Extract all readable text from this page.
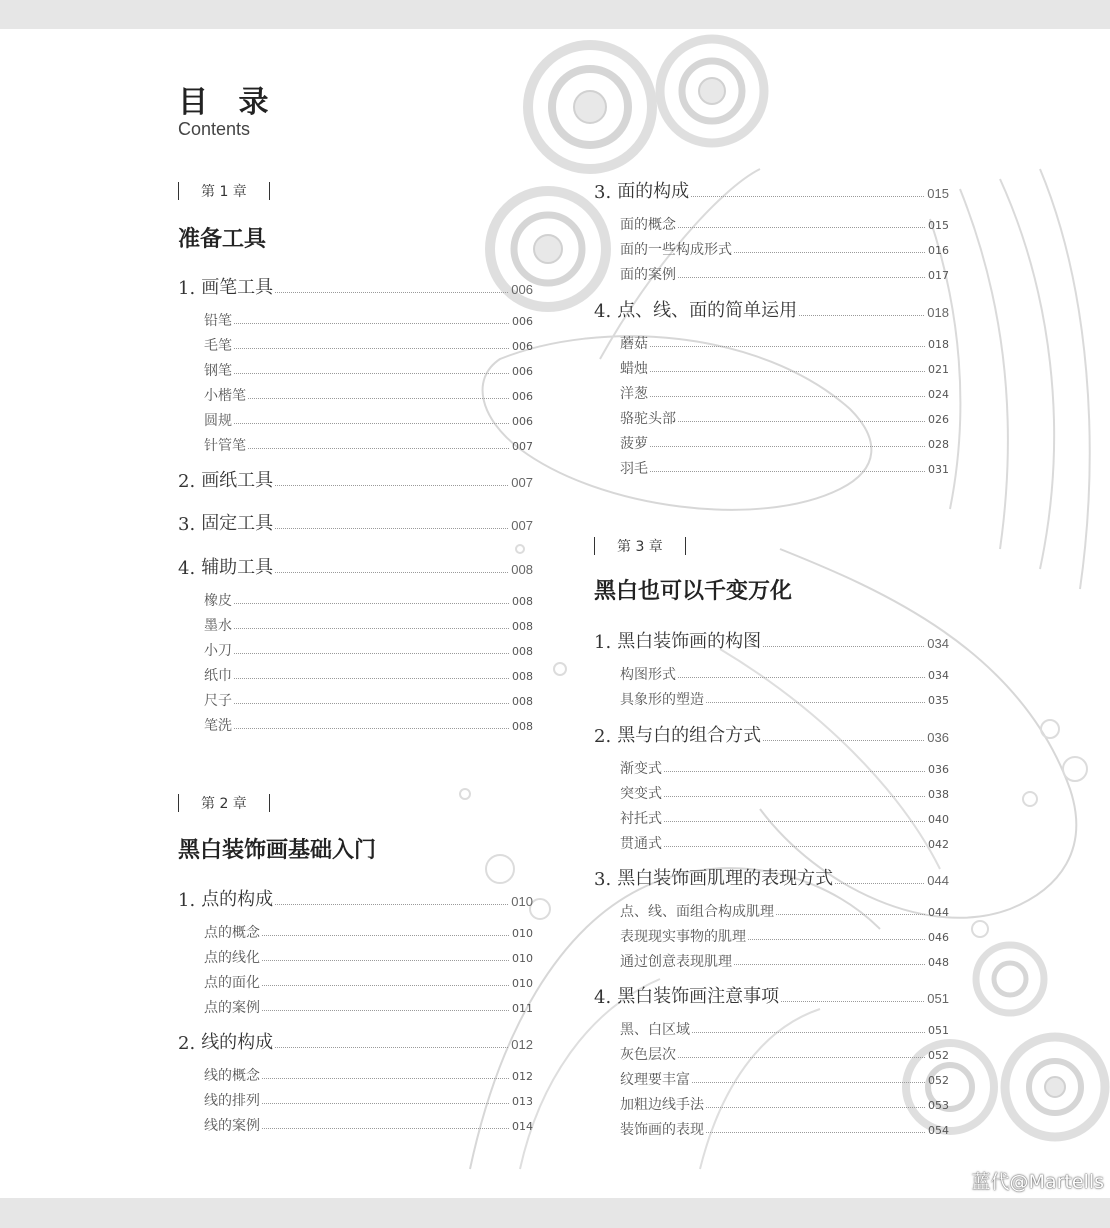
目 录
Contents
第 1 章
准备工具
1. 画笔工具	006
铅笔	006
毛笔	006
钢笔	006
小楷笔	006
圆规	006
针管笔	007
2. 画纸工具	007
3. 固定工具	007
4. 辅助工具	008
橡皮	008
墨水	008
小刀	008
纸巾	008
尺子	008
笔洗	008
第 2 章
黑白装饰画基础入门
1. 点的构成	010
点的概念	010
点的线化	010
点的面化	010
点的案例	011
2. 线的构成	012
线的概念	012
线的排列	013
线的案例	014
3. 面的构成	015
面的概念	015
面的一些构成形式	016
面的案例	017
4. 点、线、面的简单运用	018
蘑菇	018
蜡烛	021
洋葱	024
骆驼头部	026
菠萝	028
羽毛	031
第 3 章
黑白也可以千变万化
1. 黑白装饰画的构图	034
构图形式	034
具象形的塑造	035
2. 黑与白的组合方式	036
渐变式	036
突变式	038
衬托式	040
贯通式	042
3. 黑白装饰画肌理的表现方式	044
点、线、面组合构成肌理	044
表现现实事物的肌理	046
通过创意表现肌理	048
4. 黑白装饰画注意事项	051
黑、白区域	051
灰色层次	052
纹理要丰富	052
加粗边线手法	053
装饰画的表现	054
蓝代@Martells
